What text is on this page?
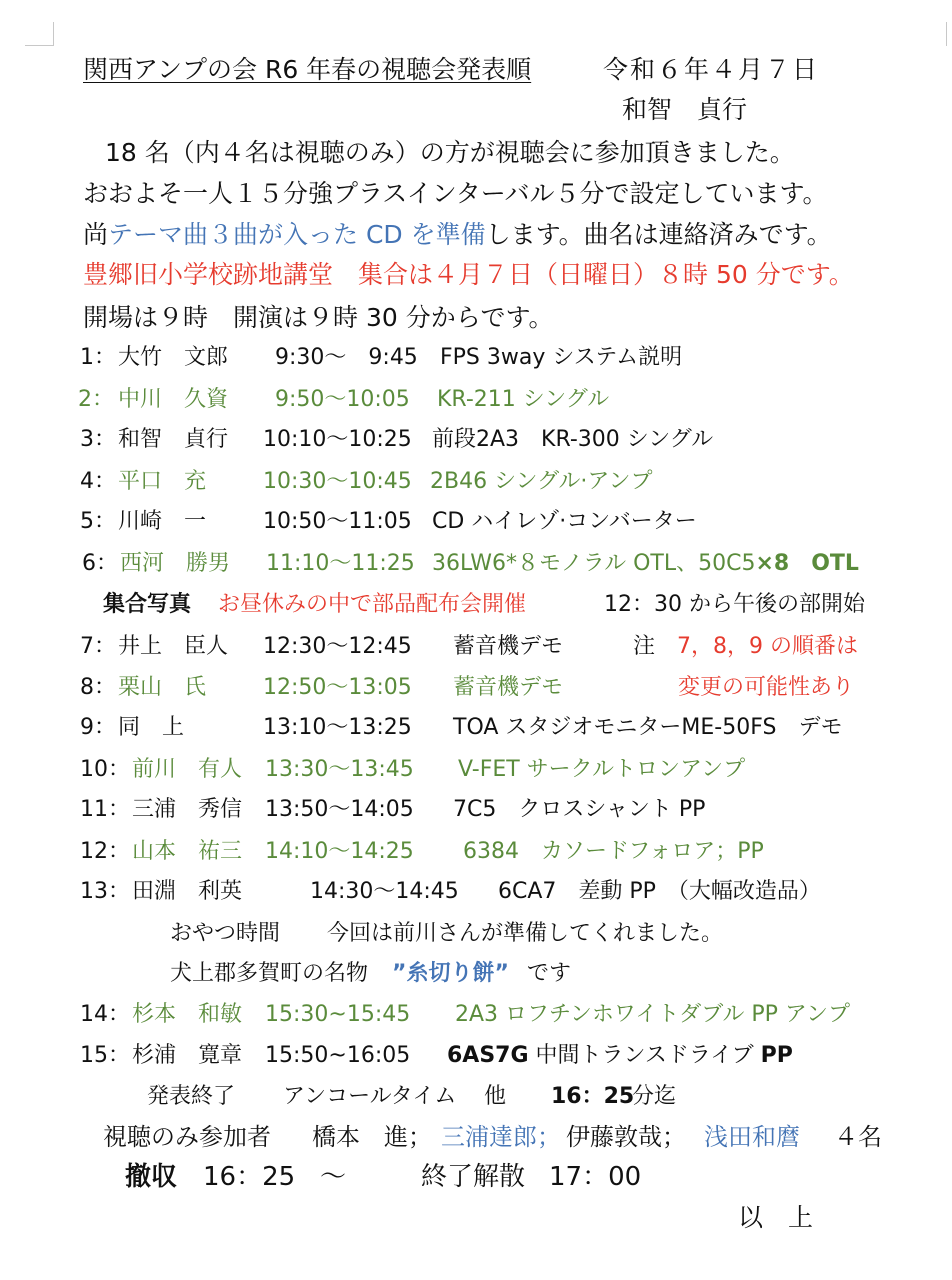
関西アンプの会 R6 年春の視聴会発表順	令和６年４月７日
和智　貞行
18 名（内４名は視聴のみ）の方が視聴会に参加頂きました。
おおよそ一人１５分強プラスインターバル５分で設定しています。
尚テーマ曲３曲が入った CD を準備します。曲名は連絡済みです。
豊郷旧小学校跡地講堂　集合は４月７日（日曜日）８時 50 分です。
開場は９時　開演は９時 30 分からです。
1： 大竹　文郎 9:30～　9:45 FPS 3way システム説明
2： 中川　久資 9:50～10:05 KR-211 シングル
3： 和智　貞行 10:10～10:25 前段2A3　KR-300 シングル
4： 平口　充	10:30～10:45 2B46 シングル·アンプ
5： 川崎　一	10:50～11:05 CD ハイレゾ·コンバーター
6： 西河　勝男 11:10～11:25 36LW6*８モノラル OTL、50C5×8　OTL
集合写真 お昼休みの中で部品配布会開催	12：30 から午後の部開始
7： 井上　臣人 12:30～12:45 蓄音機デモ	注 7，8，9 の順番は
8： 栗山　氏	12:50～13:05 蓄音機デモ	変更の可能性あり
9： 同　上	13:10～13:25 TOA スタジオモニターME-50FS　デモ
10： 前川　有人 13:30～13:45 V-FET サークルトロンアンプ
11： 三浦　秀信 13:50～14:05 7C5　クロスシャント PP
12： 山本　祐三 14:10～14:25 6384　カソードフォロア；PP
13： 田淵　利英	14:30～14:45 6CA7　差動 PP　（大幅改造品）
おやつ時間 今回は前川さんが準備してくれました。
犬上郡多賀町の名物 ”糸切り餅” です
14： 杉本　和敏 15:30~15:45 2A3 ロフチンホワイトダブル PP アンプ
15： 杉浦　寛章 15:50~16:05 6AS7G 中間トランスドライブ PP
発表終了 アンコールタイム 他 16：25
分迄
視聴のみ参加者 橋本　進； 三浦達郎； 伊藤敦哉； 浅田和麿 ４名
撤収 16：25 ～	終了解散 17：00
以　上
